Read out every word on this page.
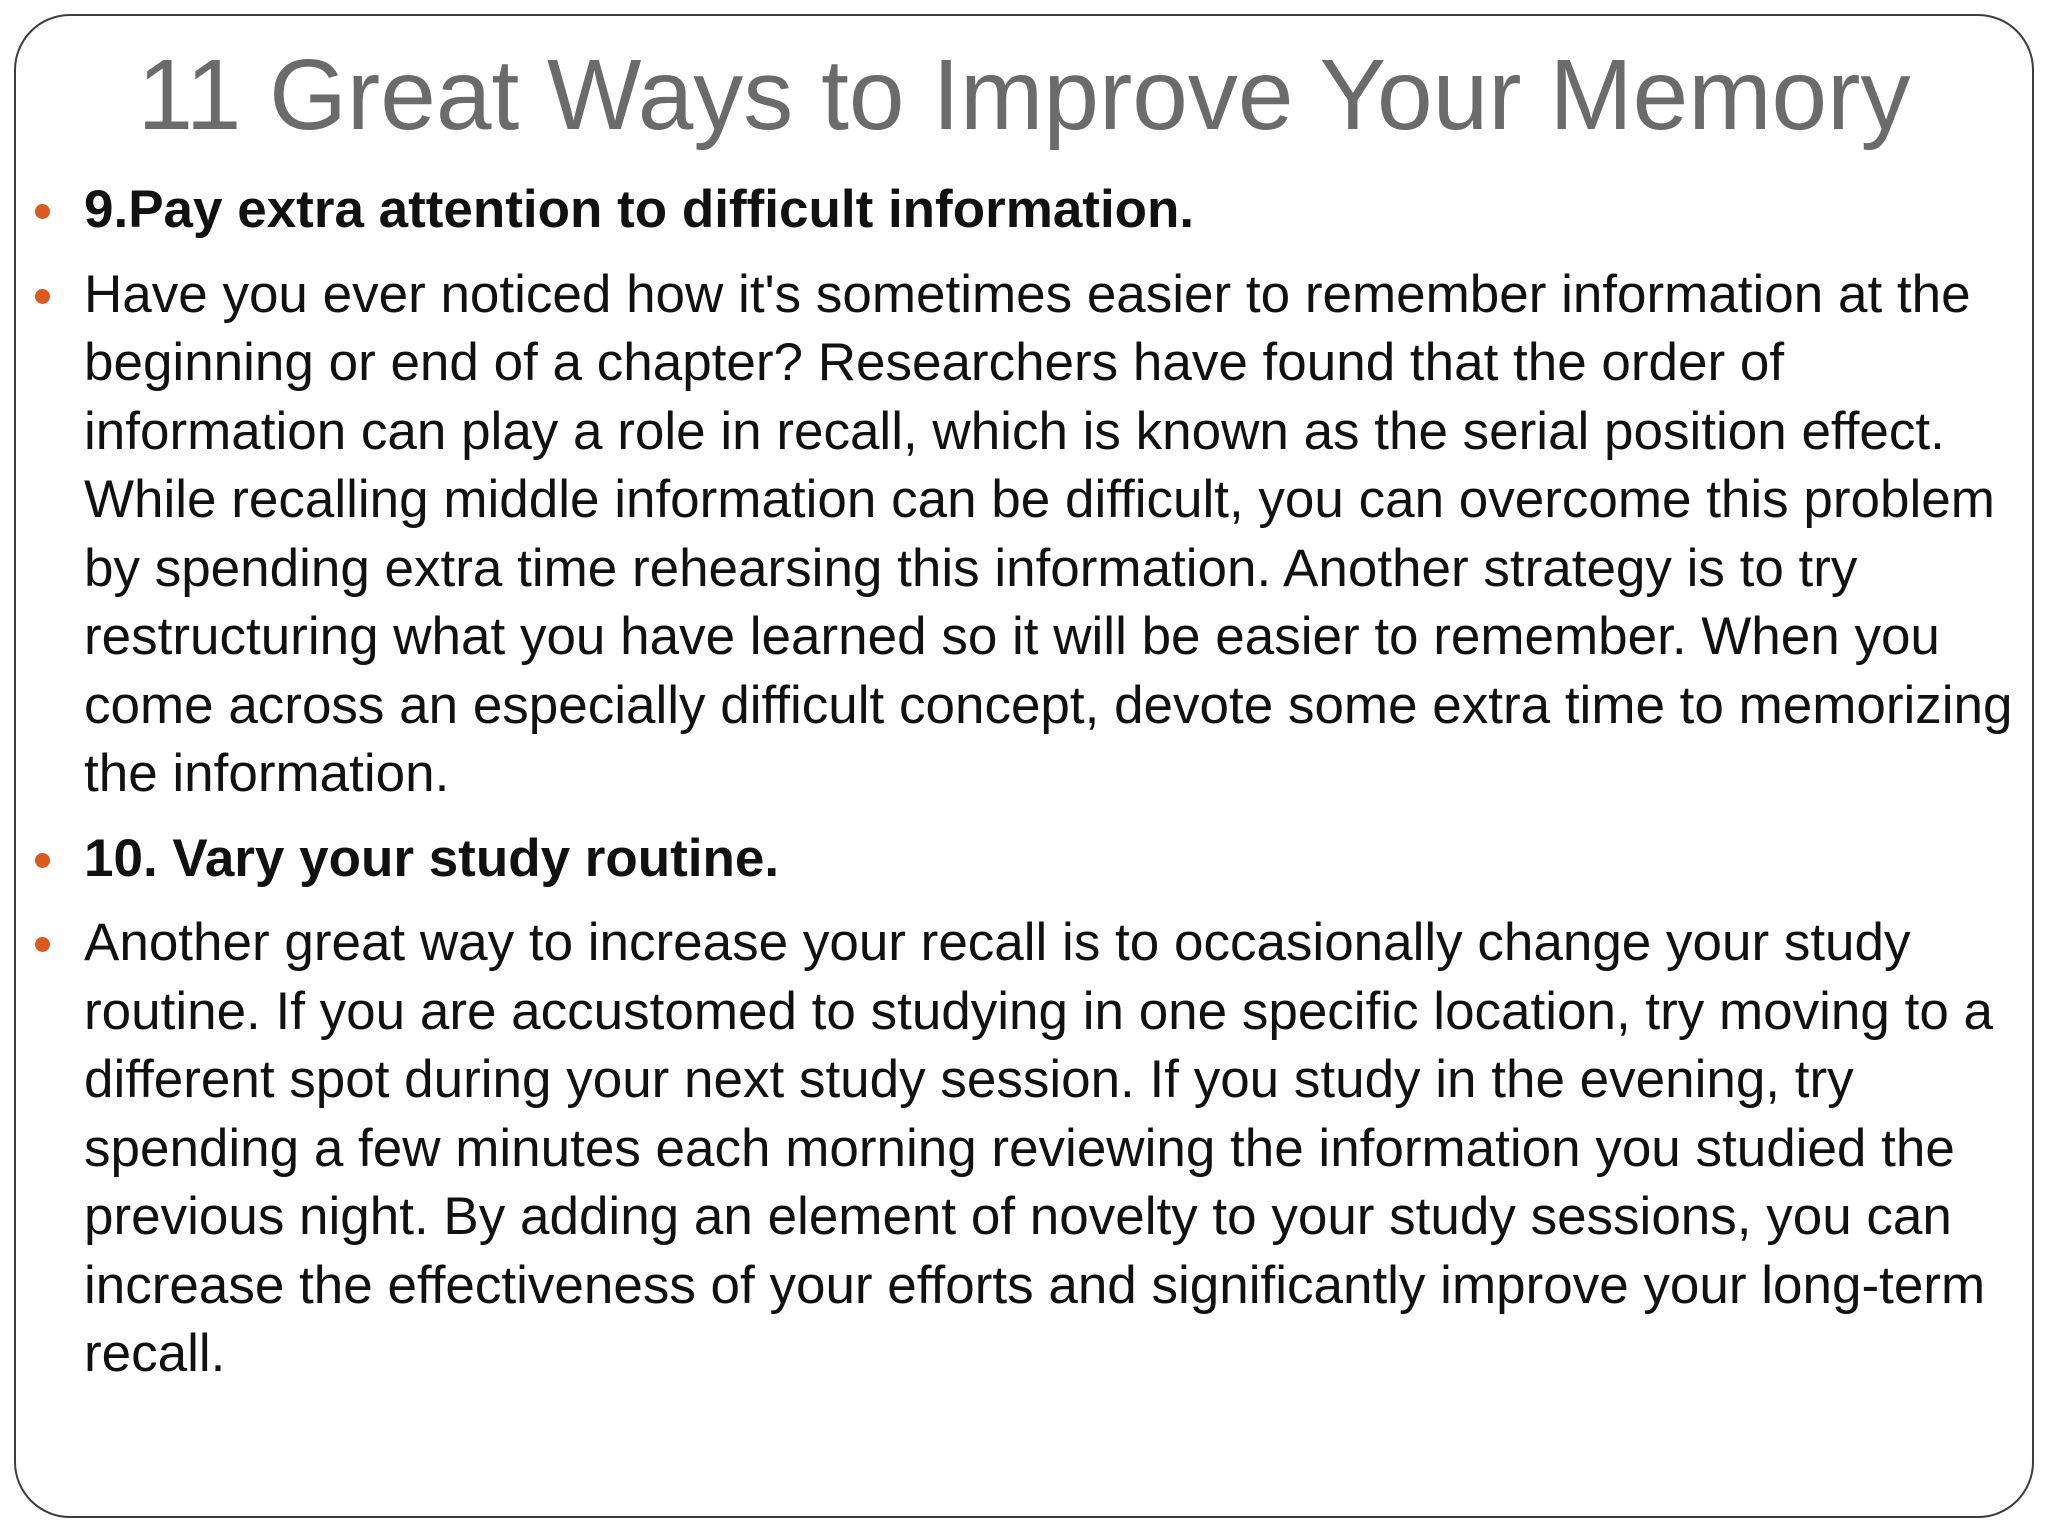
11 Great Ways to Improve Your Memory
9.Pay extra attention to difficult information.
Have you ever noticed how it's sometimes easier to remember information at the beginning or end of a chapter? Researchers have found that the order of information can play a role in recall, which is known as the serial position effect. While recalling middle information can be difficult, you can overcome this problem by spending extra time rehearsing this information. Another strategy is to try restructuring what you have learned so it will be easier to remember. When you come across an especially difficult concept, devote some extra time to memorizing the information.
10. Vary your study routine.
Another great way to increase your recall is to occasionally change your study routine. If you are accustomed to studying in one specific location, try moving to a different spot during your next study session. If you study in the evening, try spending a few minutes each morning reviewing the information you studied the previous night. By adding an element of novelty to your study sessions, you can increase the effectiveness of your efforts and significantly improve your long-term recall.
